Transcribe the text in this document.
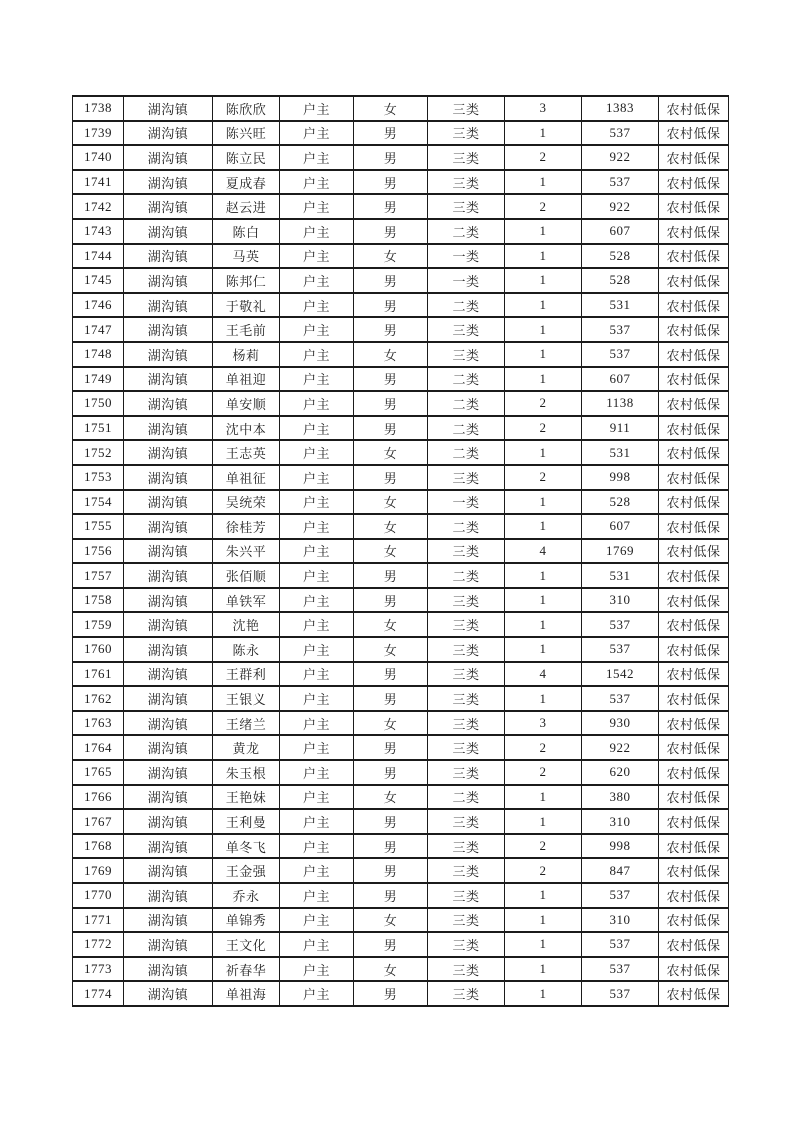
1738	湖沟镇	陈欣欣	户主	女	三类	3	1383	农村低保
1739	湖沟镇	陈兴旺	户主	男	三类	1	537	农村低保
1740	湖沟镇	陈立民	户主	男	三类	2	922	农村低保
1741	湖沟镇	夏成春	户主	男	三类	1	537	农村低保
1742	湖沟镇	赵云进	户主	男	三类	2	922	农村低保
1743	湖沟镇	陈白	户主	男	二类	1	607	农村低保
1744	湖沟镇	马英	户主	女	一类	1	528	农村低保
1745	湖沟镇	陈邦仁	户主	男	一类	1	528	农村低保
1746	湖沟镇	于敬礼	户主	男	二类	1	531	农村低保
1747	湖沟镇	王毛前	户主	男	三类	1	537	农村低保
1748	湖沟镇	杨莉	户主	女	三类	1	537	农村低保
1749	湖沟镇	单祖迎	户主	男	二类	1	607	农村低保
1750	湖沟镇	单安顺	户主	男	二类	2	1138	农村低保
1751	湖沟镇	沈中本	户主	男	二类	2	911	农村低保
1752	湖沟镇	王志英	户主	女	二类	1	531	农村低保
1753	湖沟镇	单祖征	户主	男	三类	2	998	农村低保
1754	湖沟镇	吴统荣	户主	女	一类	1	528	农村低保
1755	湖沟镇	徐桂芳	户主	女	二类	1	607	农村低保
1756	湖沟镇	朱兴平	户主	女	三类	4	1769	农村低保
1757	湖沟镇	张佰顺	户主	男	二类	1	531	农村低保
1758	湖沟镇	单铁军	户主	男	三类	1	310	农村低保
1759	湖沟镇	沈艳	户主	女	三类	1	537	农村低保
1760	湖沟镇	陈永	户主	女	三类	1	537	农村低保
1761	湖沟镇	王群利	户主	男	三类	4	1542	农村低保
1762	湖沟镇	王银义	户主	男	三类	1	537	农村低保
1763	湖沟镇	王绪兰	户主	女	三类	3	930	农村低保
1764	湖沟镇	黄龙	户主	男	三类	2	922	农村低保
1765	湖沟镇	朱玉根	户主	男	三类	2	620	农村低保
1766	湖沟镇	王艳妹	户主	女	二类	1	380	农村低保
1767	湖沟镇	王利曼	户主	男	三类	1	310	农村低保
1768	湖沟镇	单冬飞	户主	男	三类	2	998	农村低保
1769	湖沟镇	王金强	户主	男	三类	2	847	农村低保
1770	湖沟镇	乔永	户主	男	三类	1	537	农村低保
1771	湖沟镇	单锦秀	户主	女	三类	1	310	农村低保
1772	湖沟镇	王文化	户主	男	三类	1	537	农村低保
1773	湖沟镇	祈春华	户主	女	三类	1	537	农村低保
1774	湖沟镇	单祖海	户主	男	三类	1	537	农村低保
